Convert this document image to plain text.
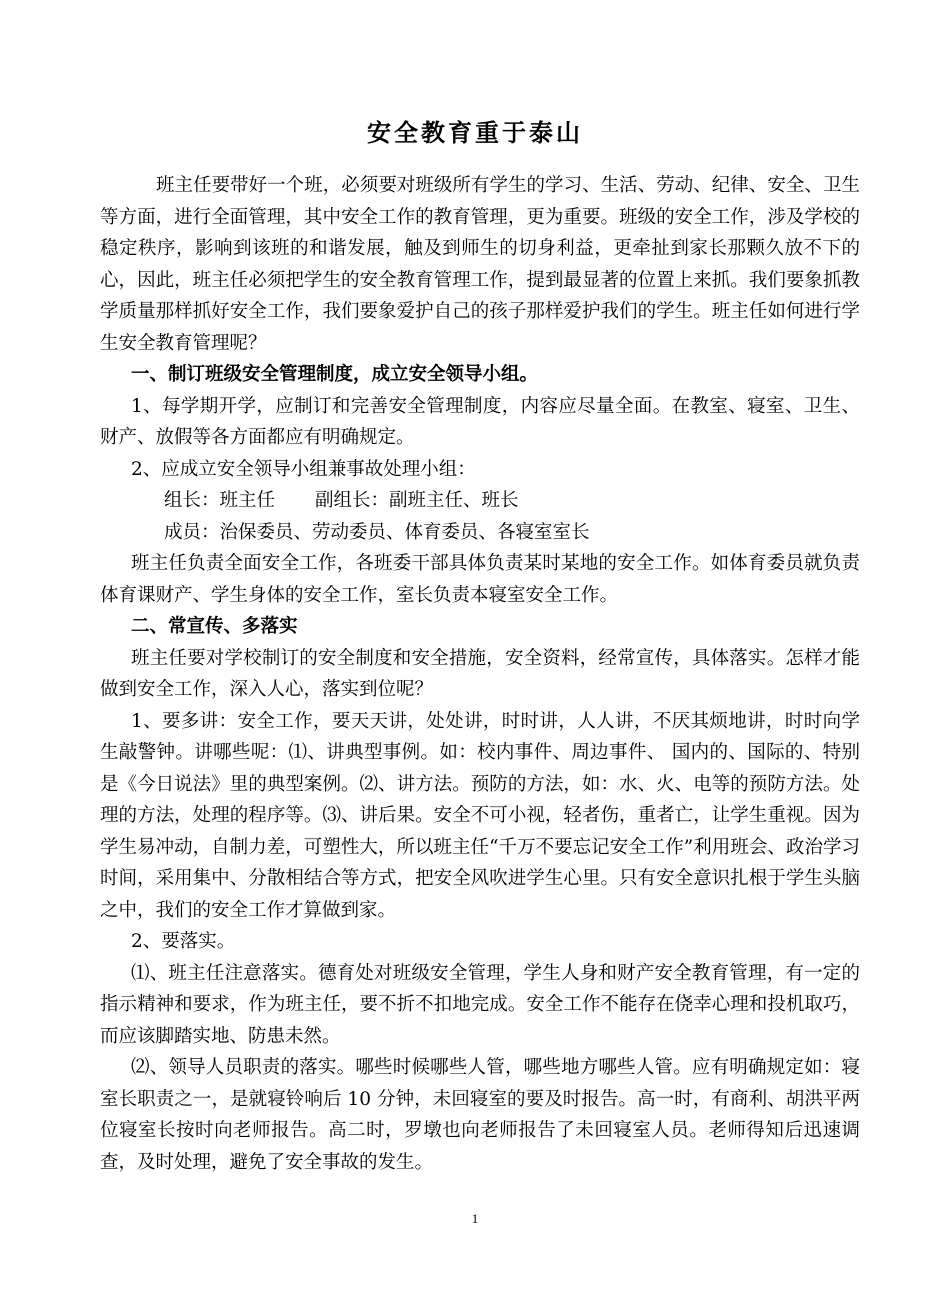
安全教育重于泰山

班主任要带好一个班，必须要对班级所有学生的学习、生活、劳动、纪律、安全、卫生等方面，进行全面管理，其中安全工作的教育管理，更为重要。班级的安全工作，涉及学校的稳定秩序，影响到该班的和谐发展，触及到师生的切身利益，更牵扯到家长那颗久放不下的心，因此，班主任必须把学生的安全教育管理工作，提到最显著的位置上来抓。我们要象抓教学质量那样抓好安全工作，我们要象爱护自己的孩子那样爱护我们的学生。班主任如何进行学生安全教育管理呢？

一、制订班级安全管理制度，成立安全领导小组。

1、每学期开学，应制订和完善安全管理制度，内容应尽量全面。在教室、寝室、卫生、财产、放假等各方面都应有明确规定。

2、应成立安全领导小组兼事故处理小组：

组长：班主任 副组长：副班主任、班长

成员：治保委员、劳动委员、体育委员、各寝室室长

班主任负责全面安全工作，各班委干部具体负责某时某地的安全工作。如体育委员就负责体育课财产、学生身体的安全工作，室长负责本寝室安全工作。

二、常宣传、多落实

班主任要对学校制订的安全制度和安全措施，安全资料，经常宣传，具体落实。怎样才能做到安全工作，深入人心，落实到位呢？

1、要多讲：安全工作，要天天讲，处处讲，时时讲，人人讲，不厌其烦地讲，时时向学生敲警钟。讲哪些呢：⑴、讲典型事例。如：校内事件、周边事件、 国内的、国际的、特别是《今日说法》里的典型案例。⑵、讲方法。预防的方法，如：水、火、电等的预防方法。处理的方法，处理的程序等。⑶、讲后果。安全不可小视，轻者伤，重者亡，让学生重视。因为学生易冲动，自制力差，可塑性大，所以班主任“千万不要忘记安全工作”利用班会、政治学习时间，采用集中、分散相结合等方式，把安全风吹进学生心里。只有安全意识扎根于学生头脑之中，我们的安全工作才算做到家。

2、要落实。

⑴、班主任注意落实。德育处对班级安全管理，学生人身和财产安全教育管理，有一定的指示精神和要求，作为班主任，要不折不扣地完成。安全工作不能存在侥幸心理和投机取巧，而应该脚踏实地、防患未然。

⑵、领导人员职责的落实。哪些时候哪些人管，哪些地方哪些人管。应有明确规定如：寝室长职责之一，是就寝铃响后 10 分钟，未回寝室的要及时报告。高一时，有商利、胡洪平两位寝室长按时向老师报告。高二时，罗墩也向老师报告了未回寝室人员。老师得知后迅速调查，及时处理，避免了安全事故的发生。

1
